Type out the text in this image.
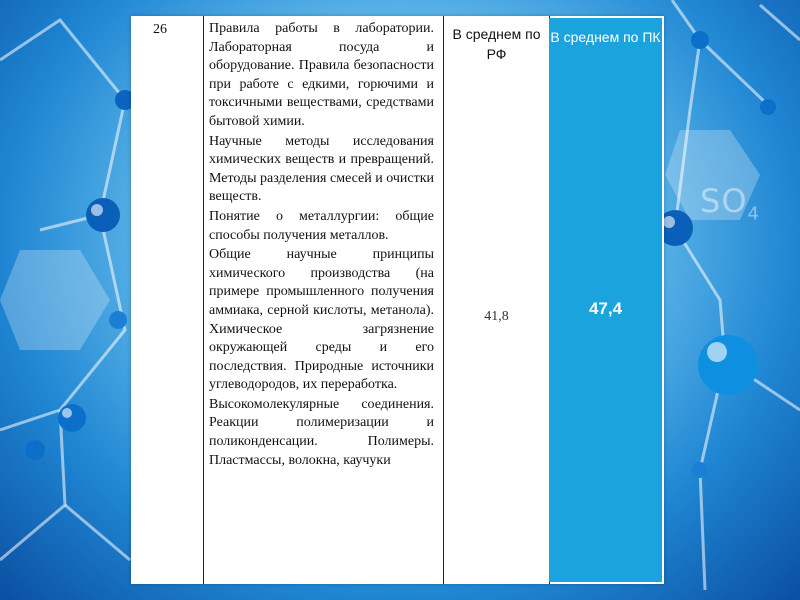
$SO_4$
26	Правила работы в лаборатории. Лабораторная посуда и оборудование. Правила безопасности при работе с едкими, горючими и токсичными веществами, средствами бытовой химии.

Научные методы исследования химических веществ и превращений. Методы разделения смесей и очистки веществ.

Понятие о металлургии: общие способы получения металлов.

Общие научные принципы химического производства (на примере промышленного получения аммиака, серной кислоты, метанола). Химическое загрязнение окружающей среды и его последствия. Природные источники углеводородов, их переработка.

Высокомолекулярные соединения. Реакции полимеризации и поликонденсации. Полимеры. Пластмассы, волокна, каучуки

В среднем по РФ
41,8
В среднем по ПК
47,4
